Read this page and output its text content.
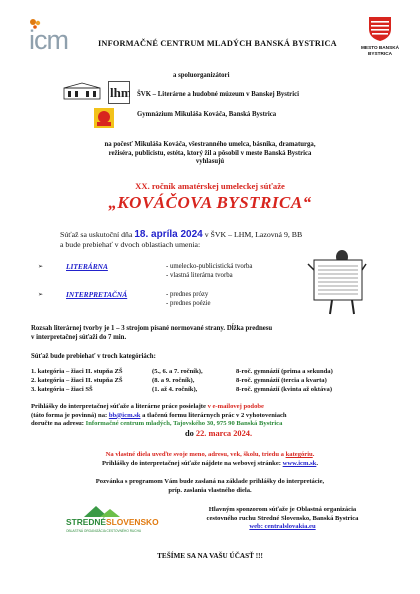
icm	INFORMAČNÉ CENTRUM MLADÝCH BANSKÁ BYSTRICA	MESTO BANSKÁ BYSTRICA
a spoluorganizátori
lhm ŠVK – Literárne a hudobné múzeum v Banskej Bystrici
Gymnázium Mikuláša Kováča, Banská Bystrica
na počesť Mikuláša Kováča, všestranného umelca, básnika, dramaturga,
režiséra, publicistu, estéta, ktorý žil a pôsobil v meste Banská Bystrica
vyhlasujú
XX. ročník amatérskej umeleckej súťaže
„KOVÁČOVA BYSTRICA“
Súťaž sa uskutoční dňa 18. apríla 2024 v ŠVK – LHM, Lazovná 9, BB
a bude prebiehať v dvoch oblastiach umenia:
➢	LITERÁRNA	- umelecko-publicistická tvorba
- vlastná literárna tvorba
➢	INTERPRETAČNÁ	- prednes prózy
- prednes poézie
Rozsah literárnej tvorby je 1 – 3 strojom písané normované strany. Dĺžka prednesu
v interpretačnej súťaži do 7 min.
Súťaž bude prebiehať v troch kategóriách:
1. kategória – žiaci II. stupňa ZŠ	(5., 6. a 7. ročník),	8-roč. gymnázií (prima a sekunda)
2. kategória – žiaci II. stupňa ZŠ	(8. a 9. ročník),	8-roč. gymnázií (tercia a kvarta)
3. kategória – žiaci SŠ	(1. až 4. ročník),	8-roč. gymnázií (kvinta až oktáva)
Prihlášky do interpretačnej súťaže a literárne práce posielajte v e-mailovej podobe
(táto forma je povinná) na: bb@icm.sk a tlačenú formu literárnych prác v 2 vyhotoveniach
doručte na adresu: Informačné centrum mladých, Tajovského 30, 975 90 Banská Bystrica
do 22. marca 2024.
Na vlastné diela uveďte svoje meno, adresu, vek, školu, triedu a kategóriu.
Prihlášky do interpretačnej súťaže nájdete na webovej stránke: www.icm.sk.
Pozvánka s programom Vám bude zaslaná na základe prihlášky do interpretácie,
príp. zaslania vlastného diela.
STREDNÉSLOVENSKO
OBLASTNÁ ORGANIZÁCIA CESTOVNÉHO RUCHU
Hlavným sponzorom súťaže je Oblastná organizácia
cestovného ruchu Stredné Slovensko, Banská Bystrica
web: centralslovakia.eu
TEŠÍME SA NA VAŠU ÚČASŤ !!!
